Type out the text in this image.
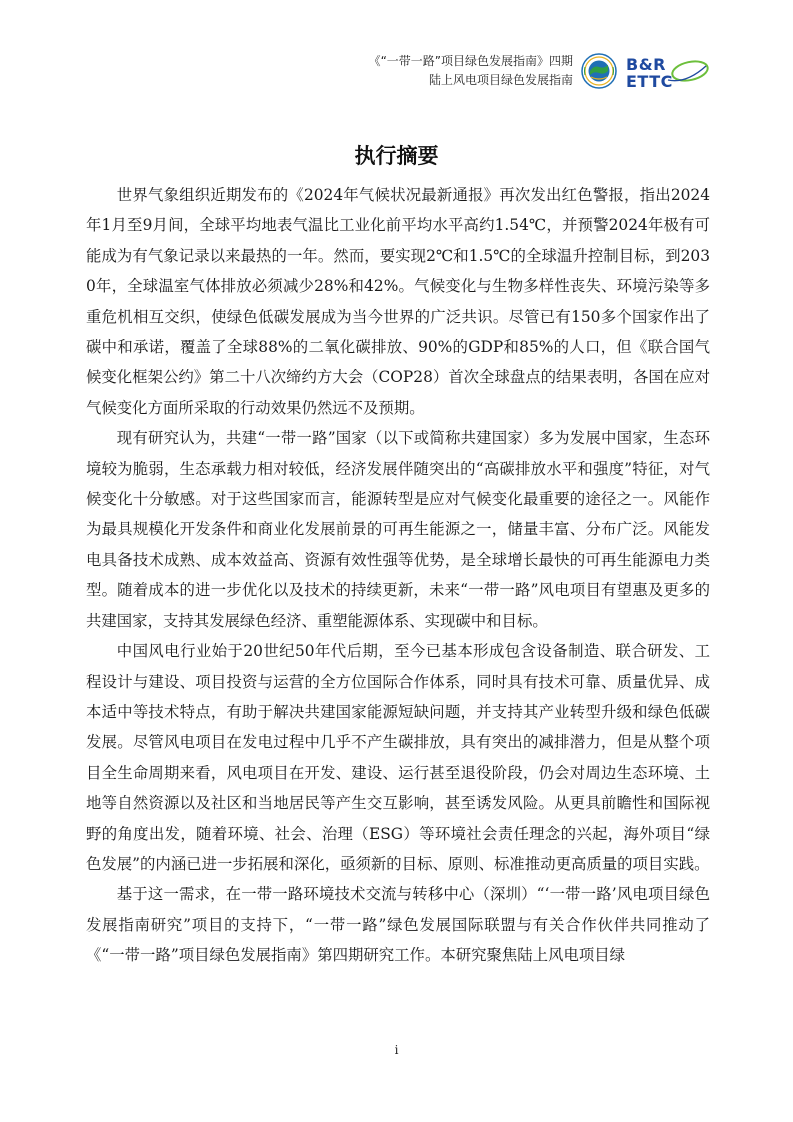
《“一带一路”项目绿色发展指南》四期
陆上风电项目绿色发展指南
B&R
ETTC
执行摘要

世界气象组织近期发布的《2024年气候状况最新通报》再次发出红色警报，指出2024年1月至9月间，全球平均地表气温比工业化前平均水平高约1.54℃，并预警2024年极有可能成为有气象记录以来最热的一年。然而，要实现2℃和1.5℃的全球温升控制目标，到2030年，全球温室气体排放必须减少28%和42%。气候变化与生物多样性丧失、环境污染等多重危机相互交织，使绿色低碳发展成为当今世界的广泛共识。尽管已有150多个国家作出了碳中和承诺，覆盖了全球88%的二氧化碳排放、90%的GDP和85%的人口，但《联合国气候变化框架公约》第二十八次缔约方大会（COP28）首次全球盘点的结果表明，各国在应对气候变化方面所采取的行动效果仍然远不及预期。

现有研究认为，共建“一带一路”国家（以下或简称共建国家）多为发展中国家，生态环境较为脆弱，生态承载力相对较低，经济发展伴随突出的“高碳排放水平和强度”特征，对气候变化十分敏感。对于这些国家而言，能源转型是应对气候变化最重要的途径之一。风能作为最具规模化开发条件和商业化发展前景的可再生能源之一，储量丰富、分布广泛。风能发电具备技术成熟、成本效益高、资源有效性强等优势，是全球增长最快的可再生能源电力类型。随着成本的进一步优化以及技术的持续更新，未来“一带一路”风电项目有望惠及更多的共建国家，支持其发展绿色经济、重塑能源体系、实现碳中和目标。

中国风电行业始于20世纪50年代后期，至今已基本形成包含设备制造、联合研发、工程设计与建设、项目投资与运营的全方位国际合作体系，同时具有技术可靠、质量优异、成本适中等技术特点，有助于解决共建国家能源短缺问题，并支持其产业转型升级和绿色低碳发展。尽管风电项目在发电过程中几乎不产生碳排放，具有突出的减排潜力，但是从整个项目全生命周期来看，风电项目在开发、建设、运行甚至退役阶段，仍会对周边生态环境、土地等自然资源以及社区和当地居民等产生交互影响，甚至诱发风险。从更具前瞻性和国际视野的角度出发，随着环境、社会、治理（ESG）等环境社会责任理念的兴起，海外项目“绿色发展”的内涵已进一步拓展和深化，亟须新的目标、原则、标准推动更高质量的项目实践。

基于这一需求，在一带一路环境技术交流与转移中心（深圳）“‘一带一路’风电项目绿色发展指南研究”项目的支持下，“一带一路”绿色发展国际联盟与有关合作伙伴共同推动了《“一带一路”项目绿色发展指南》第四期研究工作。本研究聚焦陆上风电项目绿

i
